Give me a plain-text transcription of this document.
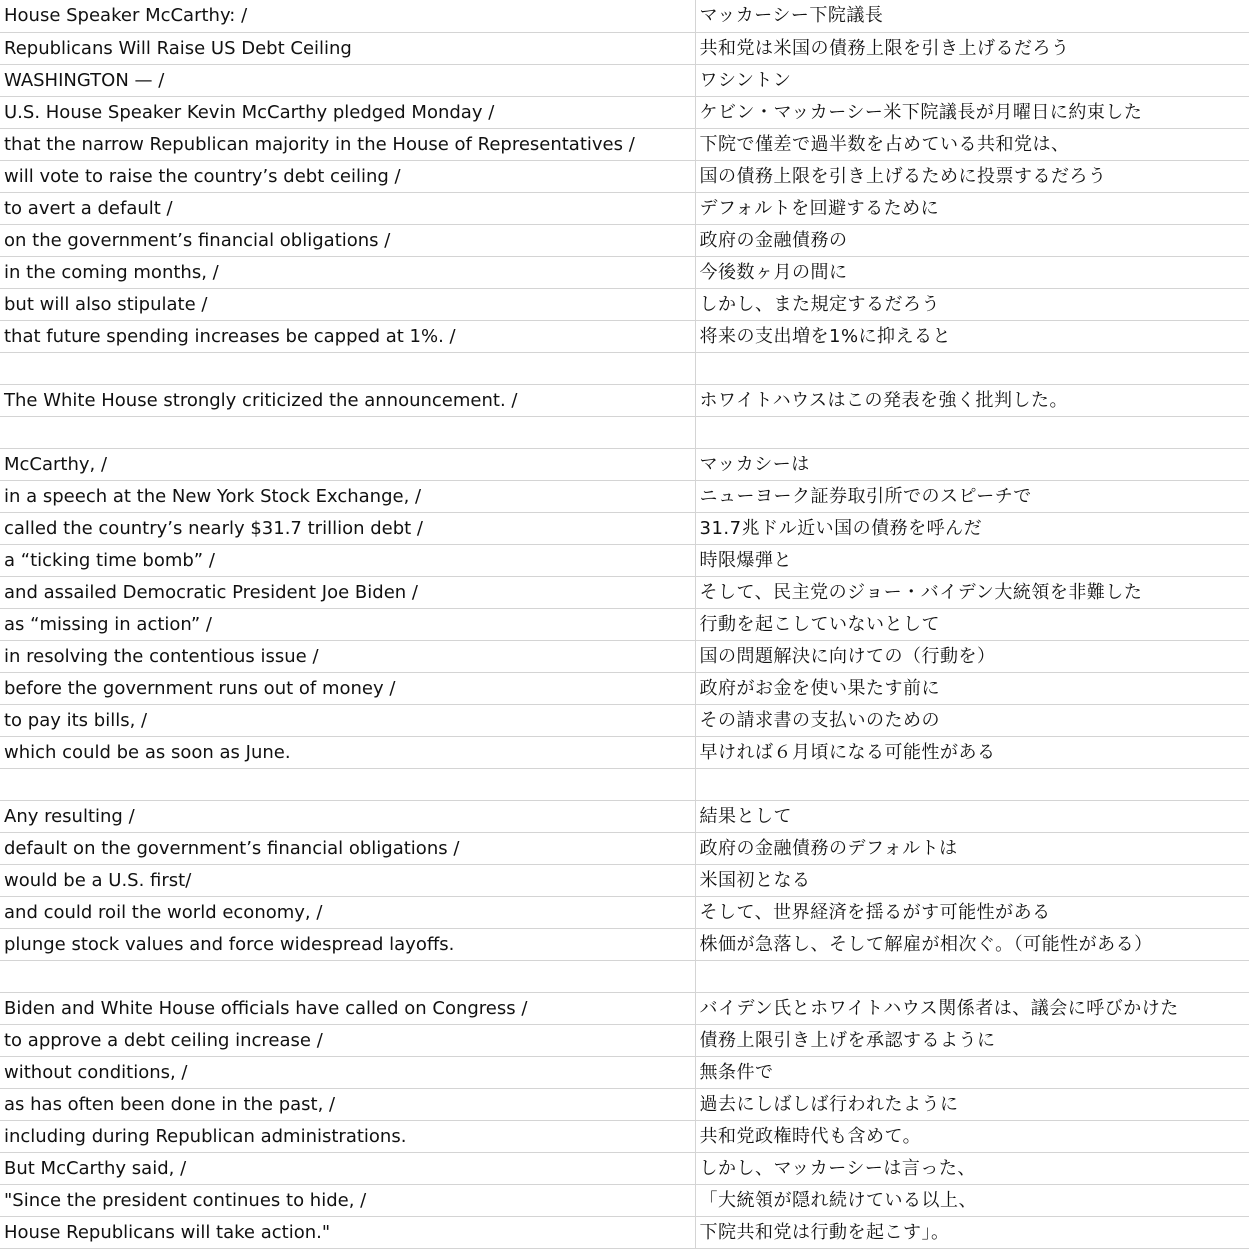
House Speaker McCarthy: /	マッカーシー下院議長
Republicans Will Raise US Debt Ceiling	共和党は米国の債務上限を引き上げるだろう
WASHINGTON — /	ワシントン
U.S. House Speaker Kevin McCarthy pledged Monday /	ケビン・マッカーシー米下院議長が月曜日に約束した
that the narrow Republican majority in the House of Representatives /	下院で僅差で過半数を占めている共和党は、
will vote to raise the country’s debt ceiling /	国の債務上限を引き上げるために投票するだろう
to avert a default /	デフォルトを回避するために
on the government’s financial obligations /	政府の金融債務の
in the coming months, /	今後数ヶ月の間に
but will also stipulate /	しかし、また規定するだろう
that future spending increases be capped at 1%. /	将来の支出増を1%に抑えると

The White House strongly criticized the announcement. /	ホワイトハウスはこの発表を強く批判した。

McCarthy, /	マッカシーは
in a speech at the New York Stock Exchange, /	ニューヨーク証券取引所でのスピーチで
called the country’s nearly $31.7 trillion debt /	31.7兆ドル近い国の債務を呼んだ
a “ticking time bomb” /	時限爆弾と
and assailed Democratic President Joe Biden /	そして、民主党のジョー・バイデン大統領を非難した
as “missing in action” /	行動を起こしていないとして
in resolving the contentious issue /	国の問題解決に向けての（行動を）
before the government runs out of money /	政府がお金を使い果たす前に
to pay its bills, /	その請求書の支払いのための
which could be as soon as June.	早ければ６月頃になる可能性がある

Any resulting /	結果として
default on the government’s financial obligations /	政府の金融債務のデフォルトは
would be a U.S. first/	米国初となる
and could roil the world economy, /	そして、世界経済を揺るがす可能性がある
plunge stock values and force widespread layoffs.	株価が急落し、そして解雇が相次ぐ。（可能性がある）

Biden and White House officials have called on Congress /	バイデン氏とホワイトハウス関係者は、議会に呼びかけた
to approve a debt ceiling increase /	債務上限引き上げを承認するように
without conditions, /	無条件で
as has often been done in the past, /	過去にしばしば行われたように
including during Republican administrations.	共和党政権時代も含めて。
But McCarthy said, /	しかし、マッカーシーは言った、
"Since the president continues to hide, /	「大統領が隠れ続けている以上、
House Republicans will take action."	下院共和党は行動を起こす」。
